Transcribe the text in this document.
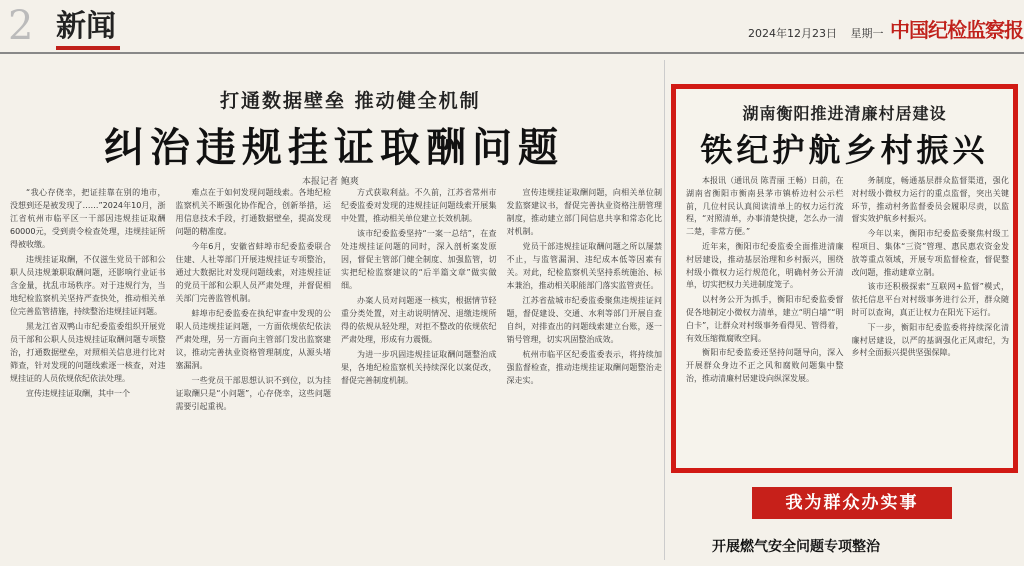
2 新闻	2024年12月23日 星期一 中国纪检监察报
打通数据壁垒 推动健全机制
纠治违规挂证取酬问题
本报记者 鲍爽

“我心存侥幸，把证挂靠在别的地市，没想到还是被发现了……”2024年10月，浙江省杭州市临平区一干部因违规挂证取酬60000元，受到责令检查处理，违规挂证所得被收缴。

违规挂证取酬，不仅滋生党员干部和公职人员违规兼职取酬问题，还影响行业证书含金量，扰乱市场秩序。对于违规行为，当地纪检监察机关坚持严查快处，推动相关单位完善监管措施，持续整治违规挂证问题。

黑龙江省双鸭山市纪委监委组织开展党员干部和公职人员违规挂证取酬问题专项整治，打通数据壁垒，对照相关信息进行比对筛查，针对发现的问题线索逐一核查，对违规挂证的人员依规依纪依法处理。

宣传违规挂证取酬，其中一个

难点在于如何发现问题线索。各地纪检监察机关不断强化协作配合，创新举措，运用信息技术手段，打通数据壁垒，提高发现问题的精准度。

今年6月，安徽省蚌埠市纪委监委联合住建、人社等部门开展违规挂证专项整治，通过大数据比对发现问题线索，对违规挂证的党员干部和公职人员严肃处理，并督促相关部门完善监管机制。

蚌埠市纪委监委在执纪审查中发现的公职人员违规挂证问题，一方面依规依纪依法严肃处理，另一方面向主管部门发出监察建议，推动完善执业资格管理制度，从源头堵塞漏洞。

一些党员干部思想认识不到位，以为挂证取酬只是“小问题”，心存侥幸，这些问题需要引起重视。

方式获取利益。不久前，江苏省常州市纪委监委对发现的违规挂证问题线索开展集中处置，推动相关单位建立长效机制。

该市纪委监委坚持“一案一总结”，在查处违规挂证问题的同时，深入剖析案发原因，督促主管部门健全制度、加强监管，切实把纪检监察建议的“后半篇文章”做实做细。

办案人员对问题逐一核实，根据情节轻重分类处置，对主动说明情况、退缴违规所得的依规从轻处理，对拒不整改的依规依纪严肃处理，形成有力震慑。

为进一步巩固违规挂证取酬问题整治成果，各地纪检监察机关持续深化以案促改，督促完善制度机制。

宣传违规挂证取酬问题，向相关单位制发监察建议书，督促完善执业资格注册管理制度，推动建立部门间信息共享和常态化比对机制。

党员干部违规挂证取酬问题之所以屡禁不止，与监管漏洞、违纪成本低等因素有关。对此，纪检监察机关坚持系统施治、标本兼治，推动相关职能部门落实监管责任。

江苏省盐城市纪委监委聚焦违规挂证问题，督促建设、交通、水利等部门开展自查自纠，对排查出的问题线索建立台账，逐一销号管理，切实巩固整治成效。

杭州市临平区纪委监委表示，将持续加强监督检查，推动违规挂证取酬问题整治走深走实。

湖南衡阳推进清廉村居建设
铁纪护航乡村振兴

本报讯（通讯员 陈青丽 王畅）日前，在湖南省衡阳市衡南县茅市镇桥边村公示栏前，几位村民认真阅读清单上的权力运行流程，“对照清单，办事清楚快捷，怎么办一清二楚，非常方便。”

近年来，衡阳市纪委监委全面推进清廉村居建设，推动基层治理和乡村振兴，围绕村级小微权力运行规范化，明确村务公开清单，切实把权力关进制度笼子。

以村务公开为抓手，衡阳市纪委监委督促各地制定小微权力清单，建立“明白墙”“明白卡”，让群众对村级事务看得见、管得着，有效压缩微腐败空间。

衡阳市纪委监委还坚持问题导向，深入开展群众身边不正之风和腐败问题集中整治，推动清廉村居建设向纵深发展。

务制度，畅通基层群众监督渠道，强化对村级小微权力运行的重点监督，突出关键环节，推动村务监督委员会履职尽责，以监督实效护航乡村振兴。

今年以来，衡阳市纪委监委聚焦村级工程项目、集体“三资”管理、惠民惠农资金发放等重点领域，开展专项监督检查，督促整改问题，推动建章立制。

该市还积极探索“互联网+监督”模式，依托信息平台对村级事务进行公开，群众随时可以查询，真正让权力在阳光下运行。

下一步，衡阳市纪委监委将持续深化清廉村居建设，以严的基调强化正风肃纪，为乡村全面振兴提供坚强保障。

我为群众办实事
开展燃气安全问题专项整治
